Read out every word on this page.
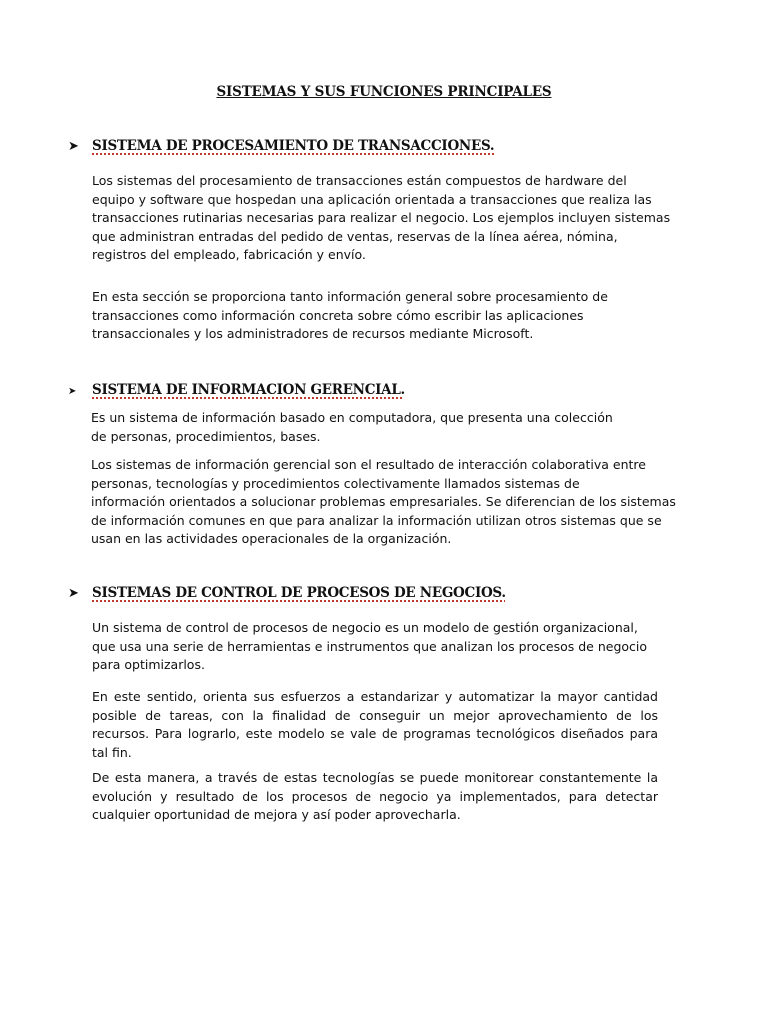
SISTEMAS Y SUS FUNCIONES PRINCIPALES
➤ SISTEMA DE PROCESAMIENTO DE TRANSACCIONES.

Los sistemas del procesamiento de transacciones están compuestos de hardware del
equipo y software que hospedan una aplicación orientada a transacciones que realiza las
transacciones rutinarias necesarias para realizar el negocio. Los ejemplos incluyen sistemas
que administran entradas del pedido de ventas, reservas de la línea aérea, nómina,
registros del empleado, fabricación y envío.

En esta sección se proporciona tanto información general sobre procesamiento de
transacciones como información concreta sobre cómo escribir las aplicaciones
transaccionales y los administradores de recursos mediante Microsoft.

➤ SISTEMA DE INFORMACION GERENCIAL.

Es un sistema de información basado en computadora, que presenta una colección
de personas, procedimientos, bases.

Los sistemas de información gerencial son el resultado de interacción colaborativa entre
personas, tecnologías y procedimientos colectivamente llamados sistemas de
información orientados a solucionar problemas empresariales. Se diferencian de los sistemas
de información comunes en que para analizar la información utilizan otros sistemas que se
usan en las actividades operacionales de la organización.

➤ SISTEMAS DE CONTROL DE PROCESOS DE NEGOCIOS.

Un sistema de control de procesos de negocio es un modelo de gestión organizacional,
que usa una serie de herramientas e instrumentos que analizan los procesos de negocio
para optimizarlos.

En este sentido, orienta sus esfuerzos a estandarizar y automatizar la mayor cantidad posible de tareas, con la finalidad de conseguir un mejor aprovechamiento de los recursos. Para lograrlo, este modelo se vale de programas tecnológicos diseñados para tal fin.

De esta manera, a través de estas tecnologías se puede monitorear constantemente la evolución y resultado de los procesos de negocio ya implementados, para detectar cualquier oportunidad de mejora y así poder aprovecharla.
